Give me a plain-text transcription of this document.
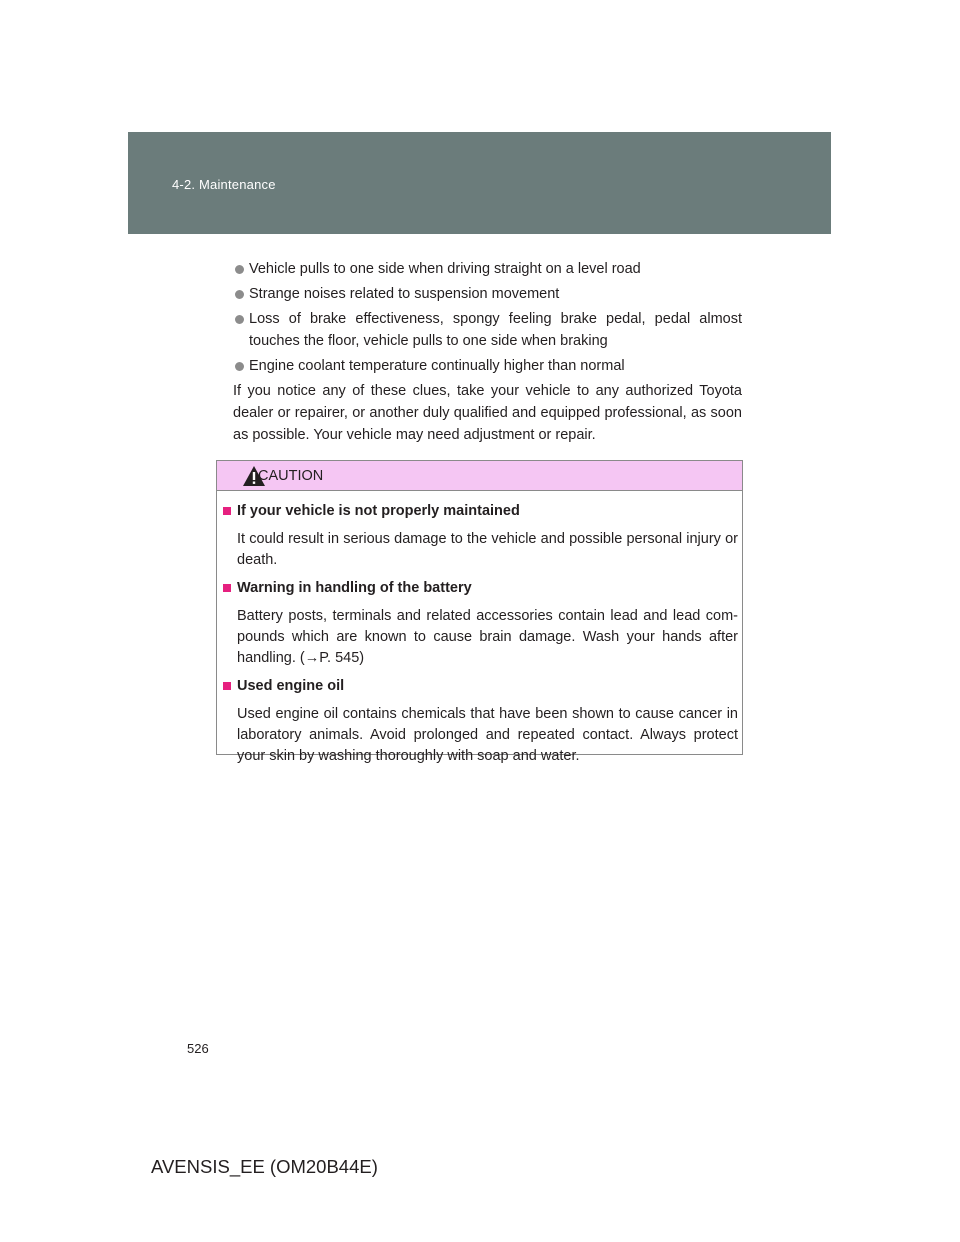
4-2. Maintenance
Vehicle pulls to one side when driving straight on a level road
Strange noises related to suspension movement
Loss of brake effectiveness, spongy feeling brake pedal, pedal almost touches the floor, vehicle pulls to one side when braking
Engine coolant temperature continually higher than normal

If you notice any of these clues, take your vehicle to any authorized Toyota dealer or repairer, or another duly qualified and equipped professional, as soon as possible. Your vehicle may need adjustment or repair.

CAUTION
If your vehicle is not properly maintained
It could result in serious damage to the vehicle and possible personal injury or death.
Warning in handling of the battery
Battery posts, terminals and related accessories contain lead and lead com-pounds which are known to cause brain damage. Wash your hands after handling. (→P. 545)
Used engine oil
Used engine oil contains chemicals that have been shown to cause cancer in laboratory animals. Avoid prolonged and repeated contact. Always protect your skin by washing thoroughly with soap and water.
526
AVENSIS_EE (OM20B44E)
